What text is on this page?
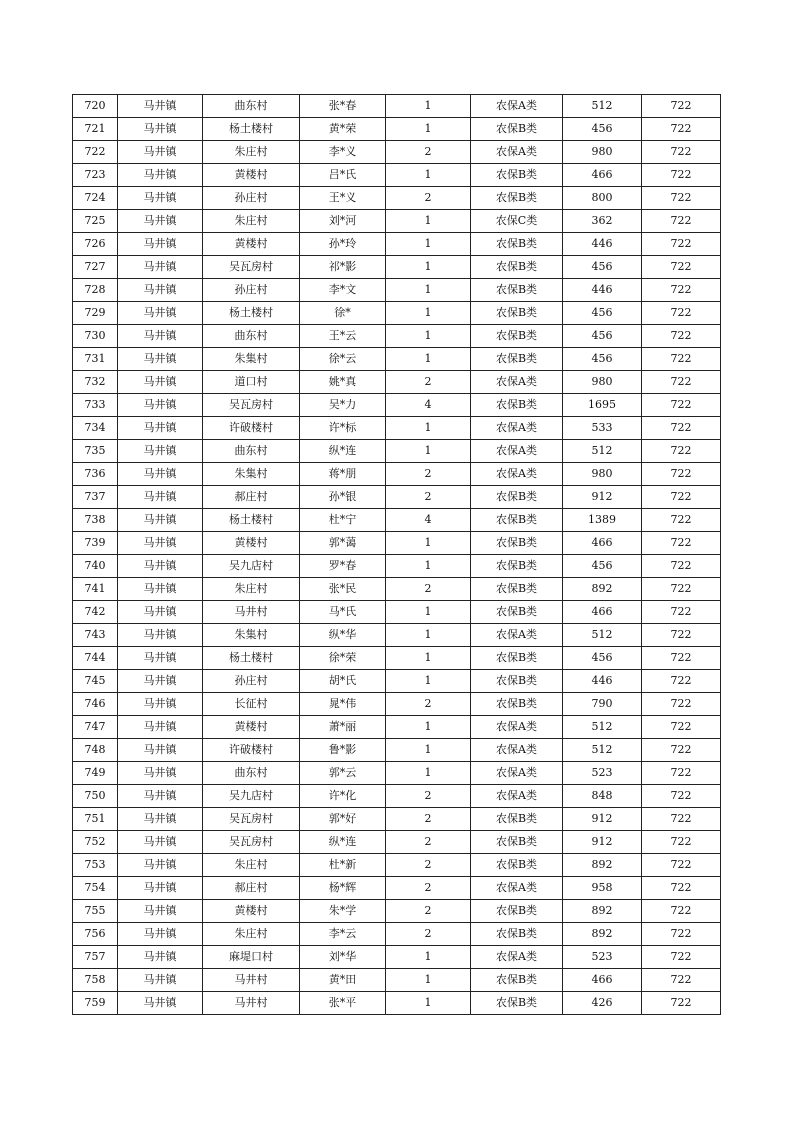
720	马井镇	曲东村	张*春	1	农保A类	512	722
721	马井镇	杨土楼村	黄*荣	1	农保B类	456	722
722	马井镇	朱庄村	李*义	2	农保A类	980	722
723	马井镇	黄楼村	吕*氏	1	农保B类	466	722
724	马井镇	孙庄村	王*义	2	农保B类	800	722
725	马井镇	朱庄村	刘*河	1	农保C类	362	722
726	马井镇	黄楼村	孙*玲	1	农保B类	446	722
727	马井镇	吴瓦房村	祁*影	1	农保B类	456	722
728	马井镇	孙庄村	李*文	1	农保B类	446	722
729	马井镇	杨土楼村	徐*	1	农保B类	456	722
730	马井镇	曲东村	王*云	1	农保B类	456	722
731	马井镇	朱集村	徐*云	1	农保B类	456	722
732	马井镇	道口村	姚*真	2	农保A类	980	722
733	马井镇	吴瓦房村	吴*力	4	农保B类	1695	722
734	马井镇	许破楼村	许*标	1	农保A类	533	722
735	马井镇	曲东村	纵*连	1	农保A类	512	722
736	马井镇	朱集村	蒋*朋	2	农保A类	980	722
737	马井镇	郝庄村	孙*银	2	农保B类	912	722
738	马井镇	杨土楼村	杜*宁	4	农保B类	1389	722
739	马井镇	黄楼村	郭*蔼	1	农保B类	466	722
740	马井镇	吴九店村	罗*春	1	农保B类	456	722
741	马井镇	朱庄村	张*民	2	农保B类	892	722
742	马井镇	马井村	马*氏	1	农保B类	466	722
743	马井镇	朱集村	纵*华	1	农保A类	512	722
744	马井镇	杨土楼村	徐*荣	1	农保B类	456	722
745	马井镇	孙庄村	胡*氏	1	农保B类	446	722
746	马井镇	长征村	晁*伟	2	农保B类	790	722
747	马井镇	黄楼村	萧*丽	1	农保A类	512	722
748	马井镇	许破楼村	鲁*影	1	农保A类	512	722
749	马井镇	曲东村	郭*云	1	农保A类	523	722
750	马井镇	吴九店村	许*化	2	农保A类	848	722
751	马井镇	吴瓦房村	郭*好	2	农保B类	912	722
752	马井镇	吴瓦房村	纵*连	2	农保B类	912	722
753	马井镇	朱庄村	杜*新	2	农保B类	892	722
754	马井镇	郝庄村	杨*辉	2	农保A类	958	722
755	马井镇	黄楼村	朱*学	2	农保B类	892	722
756	马井镇	朱庄村	李*云	2	农保B类	892	722
757	马井镇	麻堤口村	刘*华	1	农保A类	523	722
758	马井镇	马井村	黄*田	1	农保B类	466	722
759	马井镇	马井村	张*平	1	农保B类	426	722
